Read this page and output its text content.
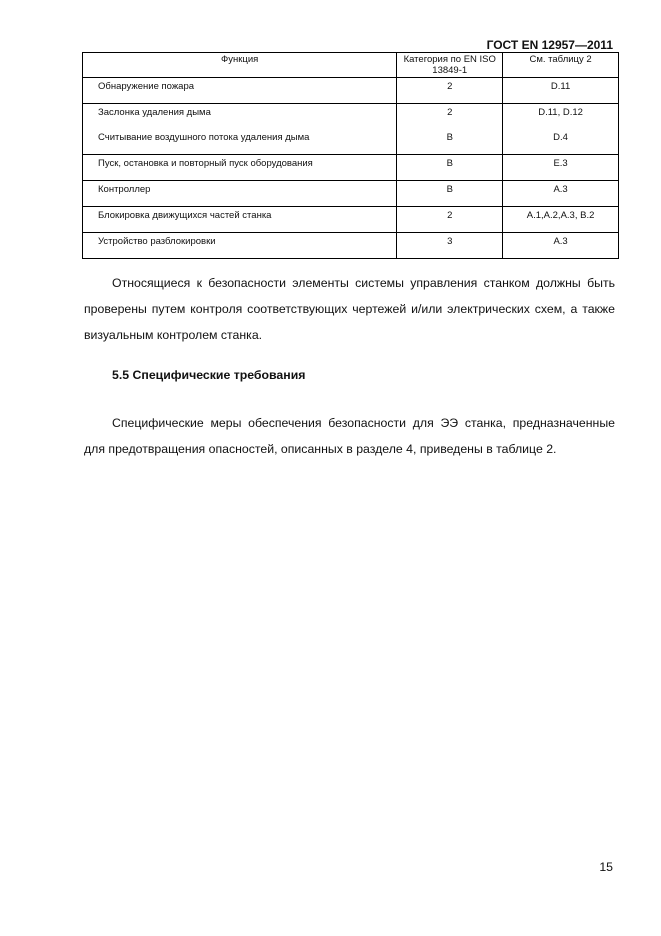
ГОСТ EN 12957—2011
Функция	Категория по EN ISO 13849-1	См. таблицу 2
Обнаружение пожара	2	D.11
Заслонка удаления дыма	2	D.11, D.12
Считывание воздушного потока удаления дыма	B	D.4
Пуск, остановка и повторный пуск оборудования	B	E.3
Контроллер	B	A.3
Блокировка движущихся частей станка	2	A.1,A.2,A.3, B.2
Устройство разблокировки	3	A.3
Относящиеся к безопасности элементы системы управления станком должны быть проверены путем контроля соответствующих чертежей и/или электрических схем, а также визуальным контролем станка.
5.5 Специфические требования
Специфические меры обеспечения безопасности для ЭЭ станка, предназначенные для предотвращения опасностей, описанных в разделе 4, приведены в таблице 2.
15
